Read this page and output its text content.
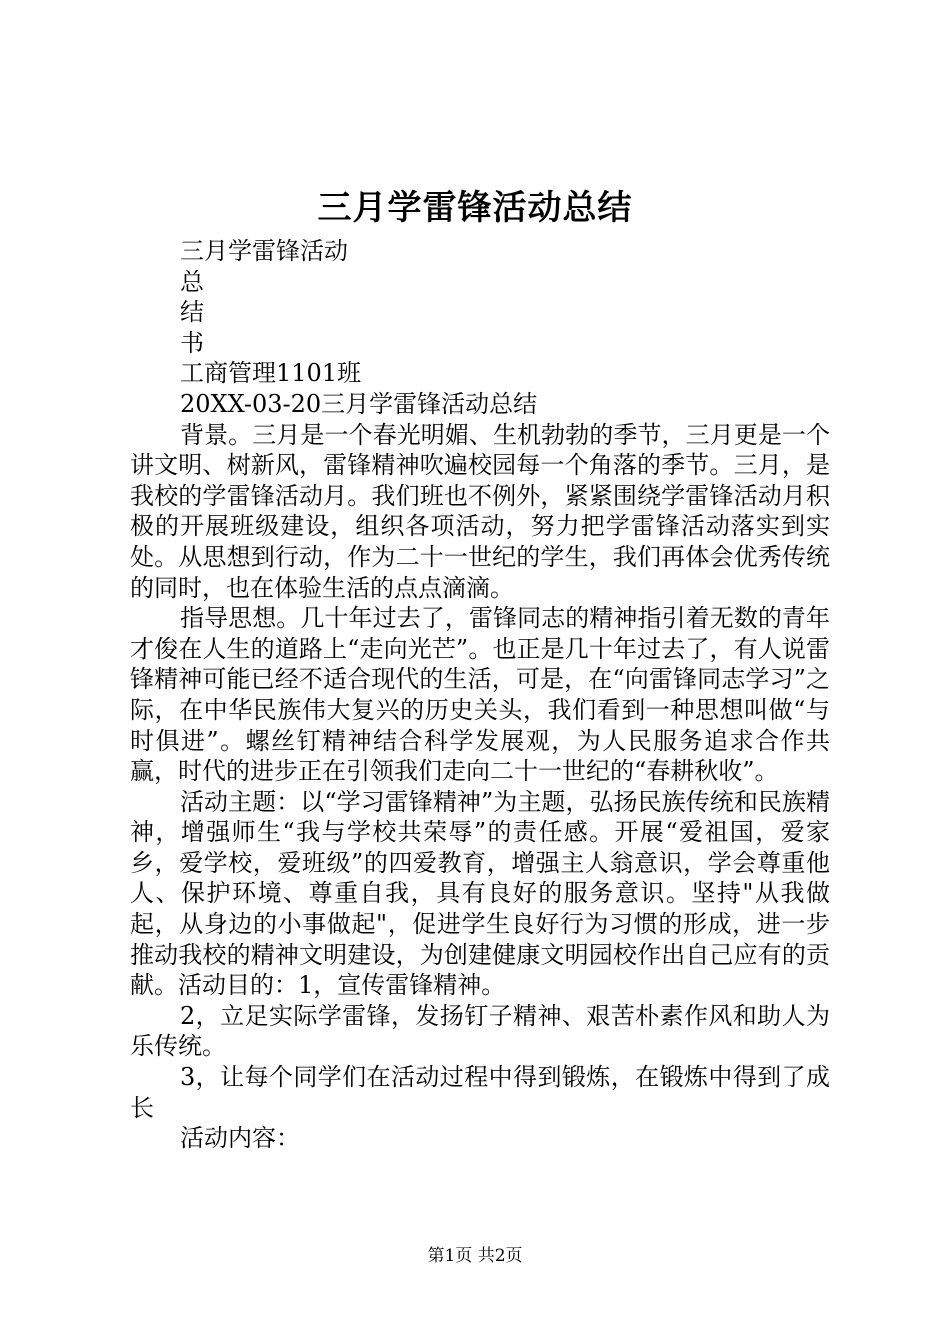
三月学雷锋活动总结

三月学雷锋活动

总

结

书

工商管理1101班

20XX-03-20三月学雷锋活动总结

背景。三月是一个春光明媚、生机勃勃的季节，三月更是一个讲文明、树新风，雷锋精神吹遍校园每一个角落的季节。三月，是我校的学雷锋活动月。我们班也不例外，紧紧围绕学雷锋活动月积极的开展班级建设，组织各项活动，努力把学雷锋活动落实到实处。从思想到行动，作为二十一世纪的学生，我们再体会优秀传统的同时，也在体验生活的点点滴滴。

指导思想。几十年过去了，雷锋同志的精神指引着无数的青年才俊在人生的道路上“走向光芒”。也正是几十年过去了，有人说雷锋精神可能已经不适合现代的生活，可是，在“向雷锋同志学习”之际，在中华民族伟大复兴的历史关头，我们看到一种思想叫做“与时俱进”。螺丝钉精神结合科学发展观，为人民服务追求合作共赢，时代的进步正在引领我们走向二十一世纪的“春耕秋收”。

活动主题：以“学习雷锋精神”为主题，弘扬民族传统和民族精神，增强师生“我与学校共荣辱”的责任感。开展“爱祖国，爱家乡，爱学校，爱班级”的四爱教育，增强主人翁意识，学会尊重他人、保护环境、尊重自我，具有良好的服务意识。坚持"从我做起，从身边的小事做起"，促进学生良好行为习惯的形成，进一步推动我校的精神文明建设，为创建健康文明园校作出自己应有的贡献。活动目的：1，宣传雷锋精神。

2，立足实际学雷锋，发扬钉子精神、艰苦朴素作风和助人为乐传统。

3，让每个同学们在活动过程中得到锻炼，在锻炼中得到了成长

活动内容：

第1页 共2页
